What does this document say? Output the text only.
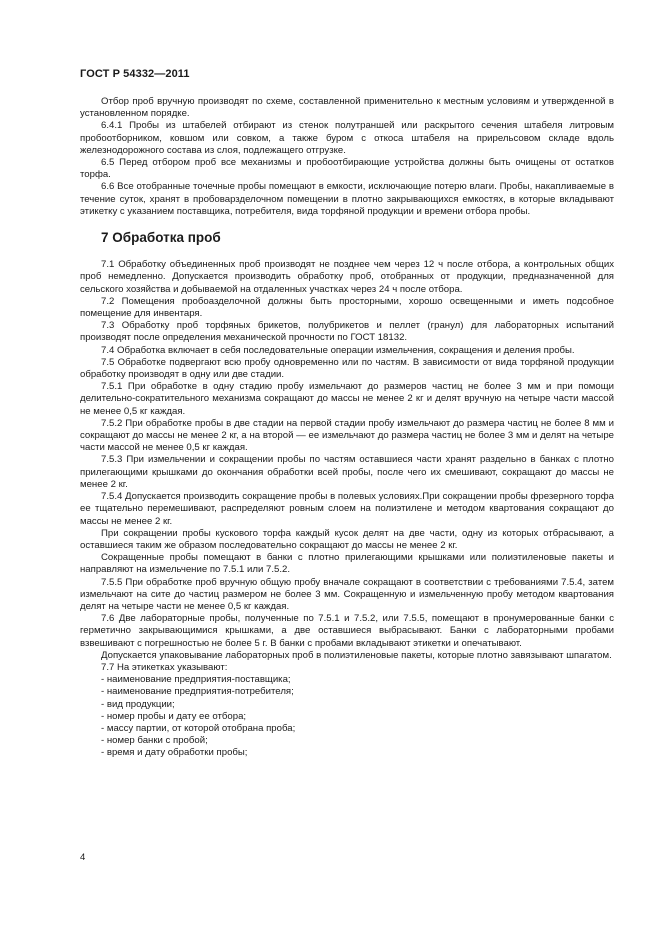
ГОСТ Р 54332—2011

Отбор проб вручную производят по схеме, составленной применительно к местным условиям и утвержденной в установленном порядке.

6.4.1 Пробы из штабелей отбирают из стенок полутраншей или раскрытого сечения штабеля литровым пробоотборником, ковшом или совком, а также буром с откоса штабеля на прирельсовом складе вдоль железнодорожного состава из слоя, подлежащего отгрузке.

6.5 Перед отбором проб все механизмы и пробоотбирающие устройства должны быть очищены от остатков торфа.

6.6 Все отобранные точечные пробы помещают в емкости, исключающие потерю влаги. Пробы, накапливаемые в течение суток, хранят в пробоварзделочном помещении в плотно закрывающихся емкостях, в которые вкладывают этикетку с указанием поставщика, потребителя, вида торфяной продукции и времени отбора пробы.

7 Обработка проб

7.1 Обработку объединенных проб производят не позднее чем через 12 ч после отбора, а контрольных общих проб немедленно. Допускается производить обработку проб, отобранных от продукции, предназначенной для сельского хозяйства и добываемой на отдаленных участках через 24 ч после отбора.

7.2 Помещения пробоазделочной должны быть просторными, хорошо освещенными и иметь подсобное помещение для инвентаря.

7.3 Обработку проб торфяных брикетов, полубрикетов и пеллет (гранул) для лабораторных испытаний производят после определения механической прочности по ГОСТ 18132.

7.4 Обработка включает в себя последовательные операции измельчения, сокращения и деления пробы.

7.5 Обработке подвергают всю пробу одновременно или по частям. В зависимости от вида торфяной продукции обработку производят в одну или две стадии.

7.5.1 При обработке в одну стадию пробу измельчают до размеров частиц не более 3 мм и при помощи делительно-сократительного механизма сокращают до массы не менее 2 кг и делят вручную на четыре части массой не менее 0,5 кг каждая.

7.5.2 При обработке пробы в две стадии на первой стадии пробу измельчают до размера частиц не более 8 мм и сокращают до массы не менее 2 кг, а на второй — ее измельчают до размера частиц не более 3 мм и делят на четыре части массой не менее 0,5 кг каждая.

7.5.3 При измельчении и сокращении пробы по частям оставшиеся части хранят раздельно в банках с плотно прилегающими крышками до окончания обработки всей пробы, после чего их смешивают, сокращают до массы не менее 2 кг.

7.5.4 Допускается производить сокращение пробы в полевых условиях.При сокращении пробы фрезерного торфа ее тщательно перемешивают, распределяют ровным слоем на полиэтилене и методом квартования сокращают до массы не менее 2 кг.

При сокращении пробы кускового торфа каждый кусок делят на две части, одну из которых отбрасывают, а оставшиеся таким же образом последовательно сокращают до массы не менее 2 кг.

Сокращенные пробы помещают в банки с плотно прилегающими крышками или полиэтиленовые пакеты и направляют на измельчение по 7.5.1 или 7.5.2.

7.5.5 При обработке проб вручную общую пробу вначале сокращают в соответствии с требованиями 7.5.4, затем измельчают на сите до частиц размером не более 3 мм. Сокращенную и измельченную пробу методом квартования делят на четыре части не менее 0,5 кг каждая.

7.6 Две лабораторные пробы, полученные по 7.5.1 и 7.5.2, или 7.5.5, помещают в пронумерованные банки с герметично закрывающимися крышками, а две оставшиеся выбрасывают. Банки с лабораторными пробами взвешивают с погрешностью не более 5 г. В банки с пробами вкладывают этикетки и опечатывают.

Допускается упаковывание лабораторных проб в полиэтиленовые пакеты, которые плотно завязывают шпагатом.

7.7 На этикетках указывают:

- наименование предприятия-поставщика;

- наименование предприятия-потребителя;

- вид продукции;

- номер пробы и дату ее отбора;

- массу партии, от которой отобрана проба;

- номер банки с пробой;

- время и дату обработки пробы;

4
